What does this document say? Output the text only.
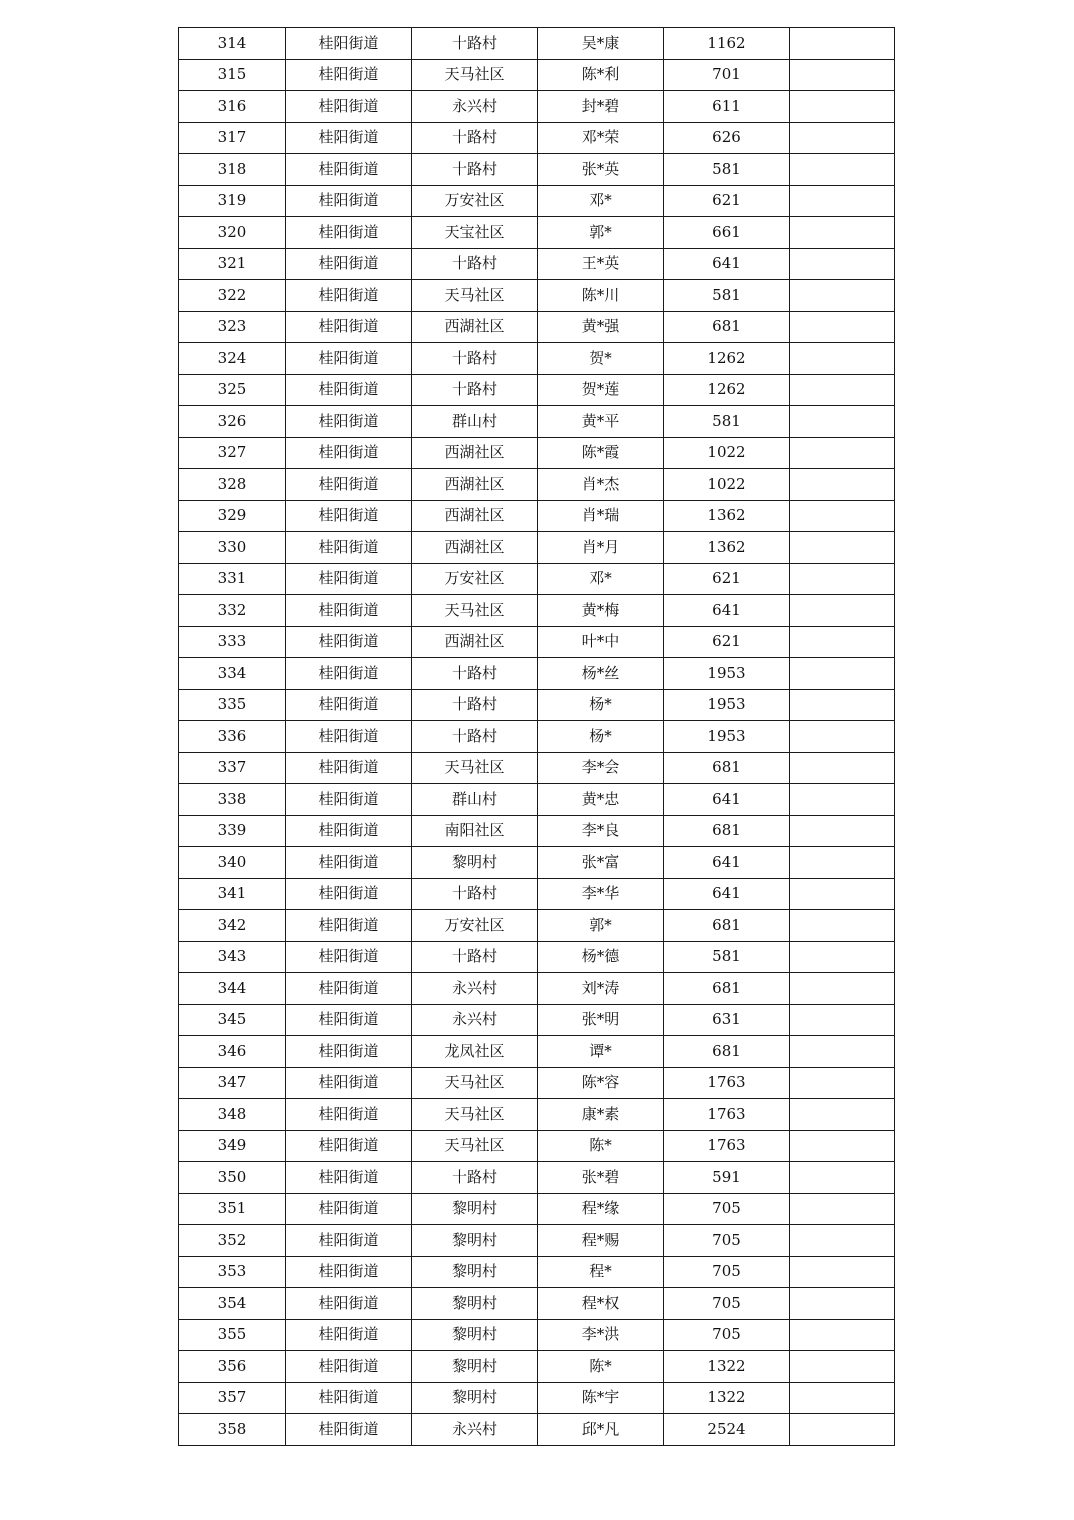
314	桂阳街道	十路村	吴*康	1162	
315	桂阳街道	天马社区	陈*利	701	
316	桂阳街道	永兴村	封*碧	611	
317	桂阳街道	十路村	邓*荣	626	
318	桂阳街道	十路村	张*英	581	
319	桂阳街道	万安社区	邓*	621	
320	桂阳街道	天宝社区	郭*	661	
321	桂阳街道	十路村	王*英	641	
322	桂阳街道	天马社区	陈*川	581	
323	桂阳街道	西湖社区	黄*强	681	
324	桂阳街道	十路村	贺*	1262	
325	桂阳街道	十路村	贺*莲	1262	
326	桂阳街道	群山村	黄*平	581	
327	桂阳街道	西湖社区	陈*霞	1022	
328	桂阳街道	西湖社区	肖*杰	1022	
329	桂阳街道	西湖社区	肖*瑞	1362	
330	桂阳街道	西湖社区	肖*月	1362	
331	桂阳街道	万安社区	邓*	621	
332	桂阳街道	天马社区	黄*梅	641	
333	桂阳街道	西湖社区	叶*中	621	
334	桂阳街道	十路村	杨*丝	1953	
335	桂阳街道	十路村	杨*	1953	
336	桂阳街道	十路村	杨*	1953	
337	桂阳街道	天马社区	李*会	681	
338	桂阳街道	群山村	黄*忠	641	
339	桂阳街道	南阳社区	李*良	681	
340	桂阳街道	黎明村	张*富	641	
341	桂阳街道	十路村	李*华	641	
342	桂阳街道	万安社区	郭*	681	
343	桂阳街道	十路村	杨*德	581	
344	桂阳街道	永兴村	刘*涛	681	
345	桂阳街道	永兴村	张*明	631	
346	桂阳街道	龙凤社区	谭*	681	
347	桂阳街道	天马社区	陈*容	1763	
348	桂阳街道	天马社区	康*素	1763	
349	桂阳街道	天马社区	陈*	1763	
350	桂阳街道	十路村	张*碧	591	
351	桂阳街道	黎明村	程*缘	705	
352	桂阳街道	黎明村	程*赐	705	
353	桂阳街道	黎明村	程*	705	
354	桂阳街道	黎明村	程*权	705	
355	桂阳街道	黎明村	李*洪	705	
356	桂阳街道	黎明村	陈*	1322	
357	桂阳街道	黎明村	陈*宇	1322	
358	桂阳街道	永兴村	邱*凡	2524	
